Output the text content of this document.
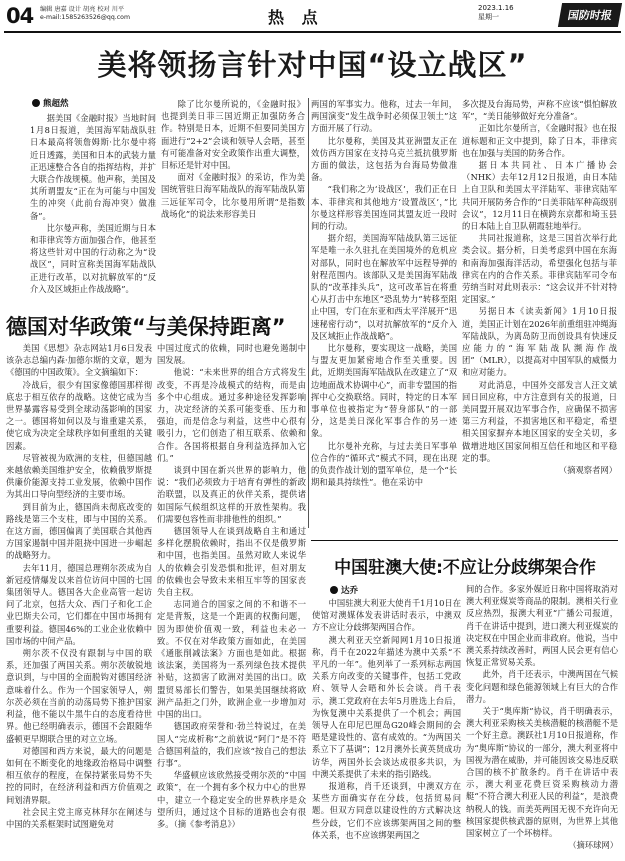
04 编辑 唐嘉 设计 胡亮 校对 川平
e-mail:1585263526@qq.com	热 点	2023.1.16
星期一	国防时报
美将领扬言针对中国“设立战区”
熊超然

据美国《金融时报》当地时间1月8日报道，美国海军陆战队驻日本最高将领詹姆斯·比尔曼中将近日透露，美国和日本的武装力量正迅速整合各自的指挥结构，并扩大联合作战规模。他声称，美国及其所谓盟友“正在为可能与中国发生的冲突（此前台海冲突）做准备”。

比尔曼声称，美国近期与日本和菲律宾等方面加强合作，他甚至将这些针对中国的行动称之为“设战区”，同时宣称美国海军陆战队正进行改革，以对抗解放军的“反介入及区域拒止作战战略”。

除了比尔曼所说的，《金融时报》也提到美日菲三国近期正加强防务合作。特别是日本，近期不但要同美国方面进行“2+2”会谈和领导人会晤，甚至有可能准备对安全政策作出重大调整，目标还是针对中国。

面对《金融时报》的采访，作为美国统管驻日海军陆战队的海军陆战队第三远征军司令，比尔曼用所谓“是指数战场化”的说法来形容美日

两国的军事实力。他称，过去一年间，两国演变“发生战争时必须保卫领土”这方面开展了行动。

比尔曼称，美国及其亚洲盟友正在效仿西方国家在支持乌克兰抵抗俄罗斯方面的做法，这包括为台海局势做准备。

“我们称之为‘设战区’，我们正在日本、菲律宾和其他地方‘设置战区’，”比尔曼这样形容美国连同其盟友近一段时间的行动。

据介绍，美国海军陆战队第三远征军是唯一永久驻扎在美国境外的危机应对部队，同时也在解放军中远程导弹的射程范围内。该部队又是美国海军陆战队的“改革排头兵”，这可改革旨在将重心从打击中东地区“恐乱势力”转移至阻止中国，专门在东亚和西太平洋展开“迅速秘密行动”，以对抗解放军的“反介入及区域拒止作战战略”。

比尔曼称，要实现这一战略，美国与盟友更加紧密地合作至关重要。因此，近期美国海军陆战队在改建立了“双边地面战术协调中心”，而非专盟国的指挥中心交换联络。同时，特定的日本军事单位也被指定为“替身部队”的一部分，这是美日深化军事合作的另一迹象。

比尔曼补充称，与过去美日军事单位合作的“循环式”模式不同，现在出现的负责作战计划的盟军单位，是一个“长期和最具持续性”。他在采访中

多次提及台海局势，声称不应该“惧怕解放军”，“美日能够做好充分准备”。

正如比尔曼所言，《金融时报》也在报道标题和正文中提到，除了日本，菲律宾也在加强与美国的防务合作。

据日本共同社、日本广播协会（NHK）去年12月12日报道，由日本陆上自卫队和美国太平洋陆军、菲律宾陆军共同开展防务合作的“日美菲陆军种高级别会议”，12月11日在横跨东京都和埼玉县的日本陆上自卫队朝霞驻地举行。

共同社报道称，这是三国首次举行此类会议。据分析，日美考虑到中国在东海和南海加强海洋活动，希望强化包括与菲律宾在内的合作关系。菲律宾陆军司令布劳纳当时对此则表示：“这会议并不针对特定国家。”

另据日本《读卖新闻》1月10日报道，美国正计划在2026年前重组驻冲绳海军陆战队，为离岛防卫而创设具有快速反应能力的“海军陆战队濒海作战团”（MLR），以提高对中国军队的威慑力和应对能力。

对此消息，中国外交部发言人汪文斌回日回应称，中方注意到有关的报道，日美同盟开展双边军事合作，应确保不损害第三方利益，不损害地区和平稳定，希望相关国家摒弃本地区国家的安全关切，多做增进地区国家间相互信任和地区和平稳定的事。

（摘观察者网）
德国对华政策“与美保持距离”

美国《思想》杂志网站1月6日发表该杂志总编内森·加德尔斯的文章，题为《德国的中国政策》。全文摘编如下：

冷战后，很少有国家像德国那样彻底忠于相互依存的战略。这使它成为当世界暴露容易受到全球动荡影响的国家之一。德国将如何以及与谁重建关系，使它成为决定全球秩序如何重组的关键因素。

尽管被视为欧洲的支柱，但德国越来越依赖美国维护安全，依赖俄罗斯提供廉价能源支持工业发展，依赖中国作为其出口导向型经济的主要市场。

到目前为止，德国尚未彻底改变的路线是第三个支柱，即与中国的关系。在这方面，德国偏离了美国联合其他西方国家遏制中国并阻挠中国进一步崛起的战略努力。

去年11月，德国总理朔尔茨成为自新冠疫情爆发以来首位访问中国的七国集团领导人。德国各大企业高管一起访问了北京，包括大众、西门子和化工企业巴斯夫公司，它们都在中国市场拥有重要利益。德国46%的工业企业依赖中国市场的中间产品。

朔尔茨不仅没有跟制与中国的联系，还加强了两国关系。朔尔茨敏锐地意识到，与中国的全面脱钩对德国经济意味着什么。作为一个国家领导人，朔尔茨必须在当前的动荡局势下推护国家利益，他不能以牛黑牛白的态度看待世界。他已经明确表示，德国不会跟随华盛顿更早期联合里的对立立场。

对德国和西方来说，最大的问题是如何在不断变化的地缘政治格局中调整相互依存的程度，在保持紧张局势不失控的同时，在经济利益和西方价值观之间划清界限。

社会民主党主席克林拜尔在阐述与中国的关系框架时试图避免对

中国过度式的依赖，同时也避免遏制中国发展。

他说：“未来世界的组合方式将发生改变，不再是冷战模式的结构，而是由多个中心组成。通过多种途径发挥影响力，决定经济的关系可能变垂、压力和强迫，而是信念与利益，这些中心很有吸引力，它们创造了相互联系、依赖和合作。各国将根据自身利益选择加入它们。”

谈到中国在新兴世界的影响力，他说：“我们必须致力于培育有弹性的新政治联盟，以及真正的伙伴关系，提供诸如国际气候组织这样的开放性架构。我们需要包容性而非排他性的组织。”

德国领导人在谈到战略自主和通过多样化摆脱依赖时，指出不仅是俄罗斯和中国，也指美国。虽然对欧人来说华人的依赖会引发恐惧和批评，但对朋友的依赖也会导致未来相互牢等的国家丧失自主权。

志同道合的国家之间的不和谐不一定是背叛，这是一个距离的权衡问题，因为即使价值观一致，利益也未必一致。不仅在对华政策方面如此，在美国《通胀削减法案》方面也是如此。根据该法案，美国将为一系列绿色技术提供补贴，这损害了欧洲对美国的出口。欧盟贸易部长们警告，如果美国继续将欧洲产品拒之门外，欧洲企业一步增加对中国的出口。

德国政府荣誉和·勃兰特说过，在美国人“完成析称”之前就说“阿门”是不符合德国利益的，我们应该“按自己的想法行事”。

华盛顿应该欣然接受朔尔茨的“中国政策”，在一个拥有多个权力中心的世界中，建立一个稳定安全的世界秩序是众望所归，通过这个目标的道路也会有很多。（摘《参考消息》）

中国驻澳大使:不应让分歧绑架合作
达乔

中国驻澳大利亚大使肖千1月10日在使馆对澳媒体发表讲话时表示，中澳双方不应让分歧绑架两国合作。

澳大利亚天空新闻网1月10日报道称，肖千在2022年描述为澳中关系“不平凡的一年”。他列举了一系列标志两国关系方向改变的关键事件，包括工党政府、领导人会晤和外长会谈。肖千表示，澳工党政府在去年5月胜选上台后，为恢复澳中关系提供了一个机会；两国领导人在印尼巴厘岛G20峰会期间的会晤是建设性的、富有成效的。“为两国关系立下了基调”；12月澳外长黄英贤成功访华，两国外长会谈达成很多共识，为中澳关系提供了未来的指引路线。

报道称，肖千还谈到，中澳双方在某些方面确实存在分歧，包括贸易问题。但双方同意以建设性的方式解决这些分歧，它们不应该绑架两国之间的整体关系，也不应该绑架两国之

间的合作。多家外媒近日称中国将取消对澳大利亚煤炭等商品的限制。澳相关行业反应热烈，报澳大利亚“广播公司报道，肖千在讲话中提到，进口澳大利亚煤炭的决定权在中国企业而非政府。他说，当中澳关系持续改善时，两国人民会更有信心恢复正常贸易关系。

此外，肖千还表示，中澳两国在气候变化问题和绿色能源领域上有巨大的合作潜力。

关于“奥库斯”协议，肖千明确表示，澳大利亚采购核关美核潜艇的核潜艇不是一个好主意。澳跃社1月10日报道称，作为“奥库斯”协议的一部分，澳大利亚将中国视为潜在威胁，并可能因该交易违反联合国的核不扩散条约。肖千在讲话中表示，澳大利亚花费巨资采购核动力潜艇“不符合澳大利亚人民的利益”，是浪费纳税人的钱。而美英两国无视不充许向无核国家提供核武器的原则，为世界上其他国家树立了一个坏榜样。

（摘环球网）
